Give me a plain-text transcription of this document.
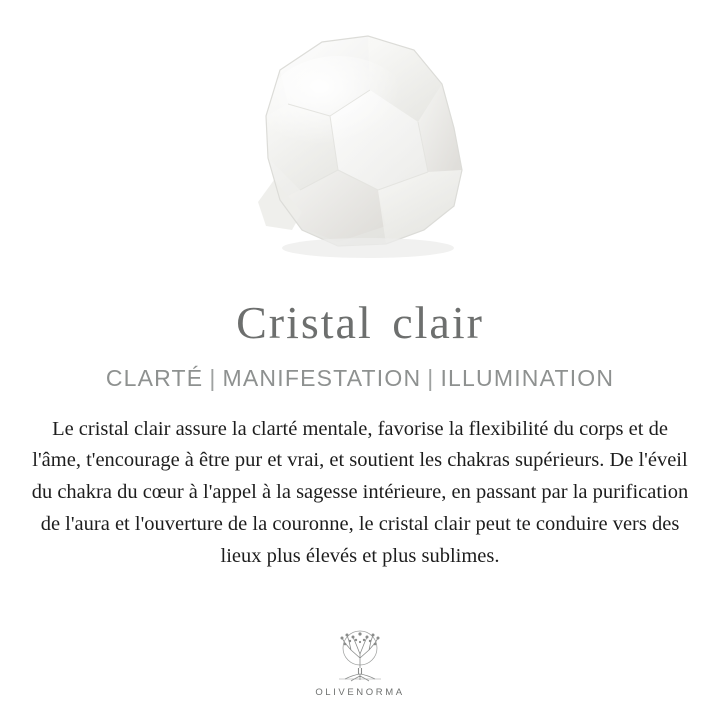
Cristal clair
CLARTÉ | MANIFESTATION | ILLUMINATION

Le cristal clair assure la clarté mentale, favorise la flexibilité du corps et de l'âme, t'encourage à être pur et vrai, et soutient les chakras supérieurs. De l'éveil du chakra du cœur à l'appel à la sagesse intérieure, en passant par la purification de l'aura et l'ouverture de la couronne, le cristal clair peut te conduire vers des lieux plus élevés et plus sublimes.

OLIVENORMA
